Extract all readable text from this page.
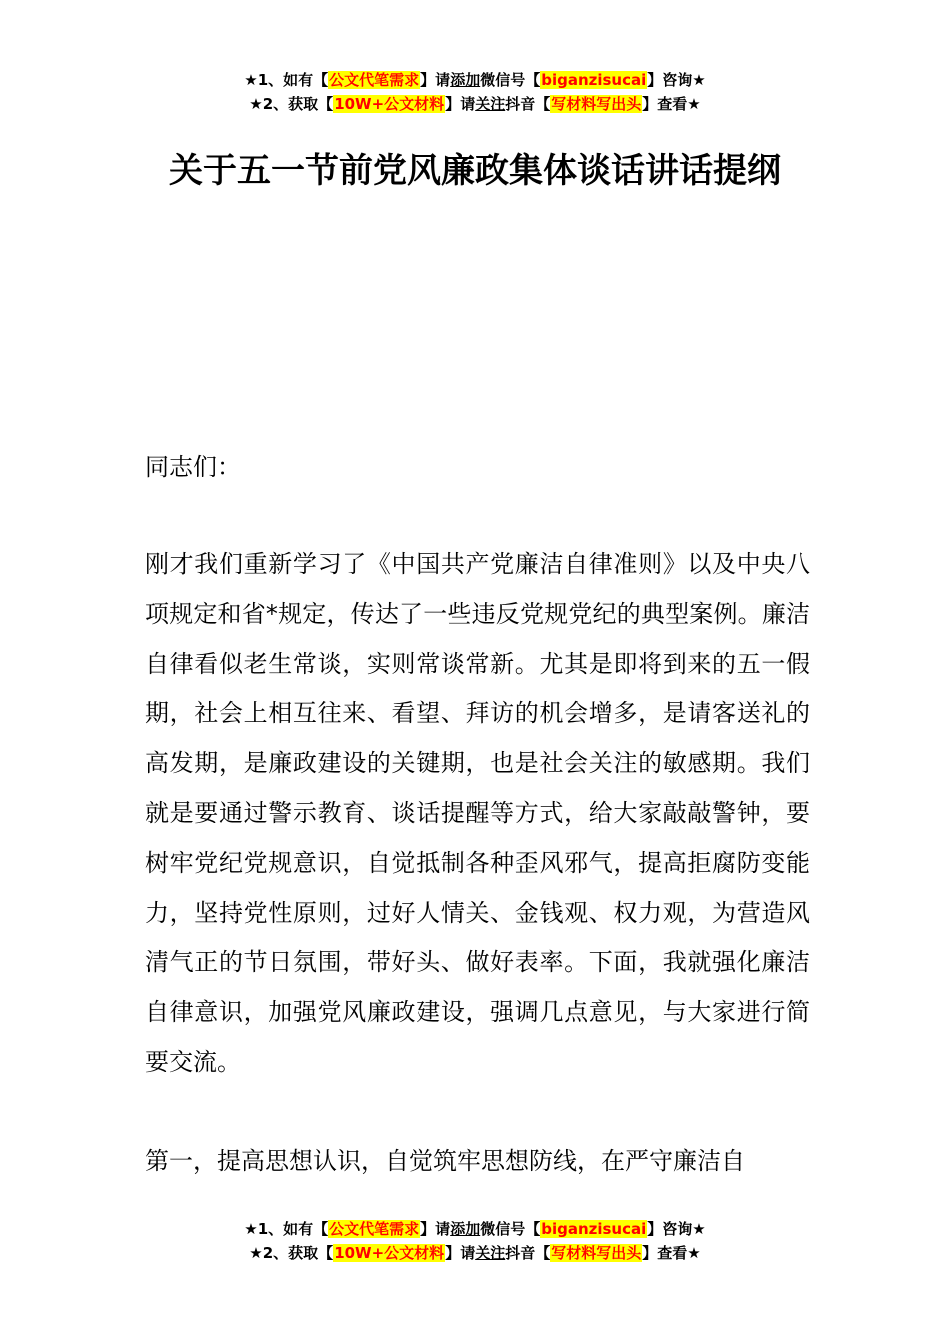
★1、如有【公文代笔需求】请添加微信号【biganzisucai】咨询★
★2、获取【10W+公文材料】请关注抖音【写材料写出头】查看★
关于五一节前党风廉政集体谈话讲话提纲

同志们：

刚才我们重新学习了《中国共产党廉洁自律准则》以及中央八项规定和省*规定，传达了一些违反党规党纪的典型案例。廉洁自律看似老生常谈，实则常谈常新。尤其是即将到来的五一假期，社会上相互往来、看望、拜访的机会增多，是请客送礼的高发期，是廉政建设的关键期，也是社会关注的敏感期。我们就是要通过警示教育、谈话提醒等方式，给大家敲敲警钟，要树牢党纪党规意识，自觉抵制各种歪风邪气，提高拒腐防变能力，坚持党性原则，过好人情关、金钱观、权力观，为营造风清气正的节日氛围，带好头、做好表率。下面，我就强化廉洁自律意识，加强党风廉政建设，强调几点意见，与大家进行简要交流。

第一，提高思想认识，自觉筑牢思想防线，在严守廉洁自

★1、如有【公文代笔需求】请添加微信号【biganzisucai】咨询★
★2、获取【10W+公文材料】请关注抖音【写材料写出头】查看★
